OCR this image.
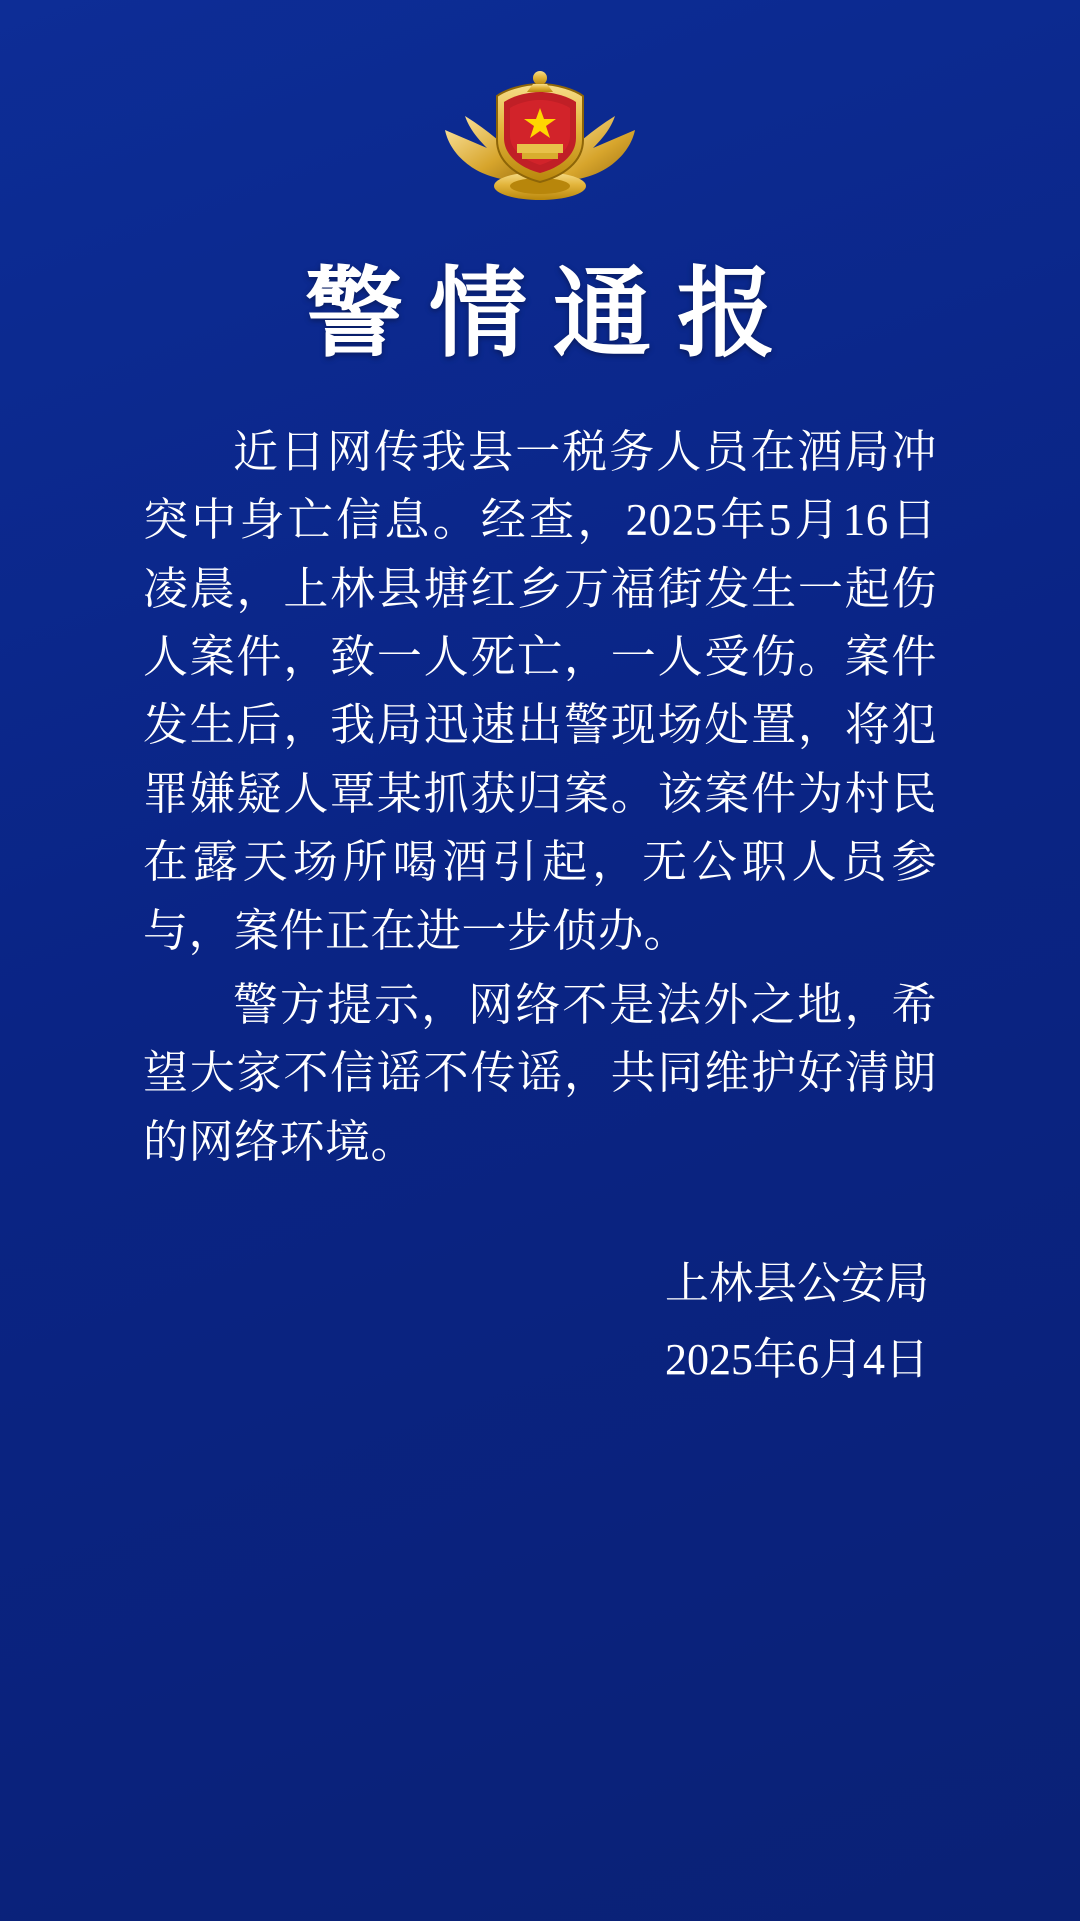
警情通报

近日网传我县一税务人员在酒局冲突中身亡信息。经查，2025年5月16日凌晨，上林县塘红乡万福街发生一起伤人案件，致一人死亡，一人受伤。案件发生后，我局迅速出警现场处置，将犯罪嫌疑人覃某抓获归案。该案件为村民在露天场所喝酒引起，无公职人员参与，案件正在进一步侦办。

警方提示，网络不是法外之地，希望大家不信谣不传谣，共同维护好清朗的网络环境。

上林县公安局
2025年6月4日
